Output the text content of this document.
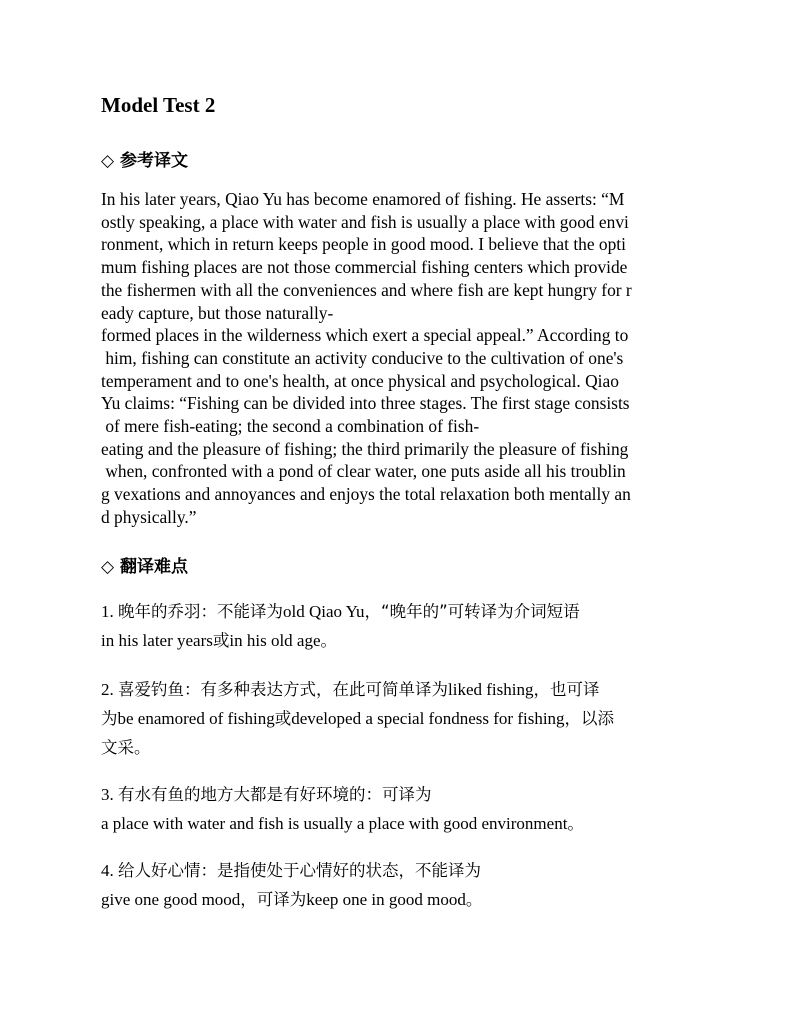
Model Test 2
◇ 参考译文
In his later years, Qiao Yu has become enamored of fishing. He asserts: “M
ostly speaking, a place with water and fish is usually a place with good envi
ronment, which in return keeps people in good mood. I believe that the opti
mum fishing places are not those commercial fishing centers which provide
the fishermen with all the conveniences and where fish are kept hungry for r
eady capture, but those naturally-
formed places in the wilderness which exert a special appeal.” According to
him, fishing can constitute an activity conducive to the cultivation of one's
temperament and to one's health, at once physical and psychological. Qiao
Yu claims: “Fishing can be divided into three stages. The first stage consists
of mere fish-eating; the second a combination of fish-
eating and the pleasure of fishing; the third primarily the pleasure of fishing
when, confronted with a pond of clear water, one puts aside all his troublin
g vexations and annoyances and enjoys the total relaxation both mentally an
d physically.”
◇ 翻译难点
1. 晚年的乔羽：不能译为old Qiao Yu，“晚年的”可转译为介词短语
in his later years或in his old age。
2. 喜爱钓鱼：有多种表达方式，在此可简单译为liked fishing，也可译
为be enamored of fishing或developed a special fondness for fishing，以添
文采。
3. 有水有鱼的地方大都是有好环境的：可译为
a place with water and fish is usually a place with good environment。
4. 给人好心情：是指使处于心情好的状态，不能译为
give one good mood，可译为keep one in good mood。
